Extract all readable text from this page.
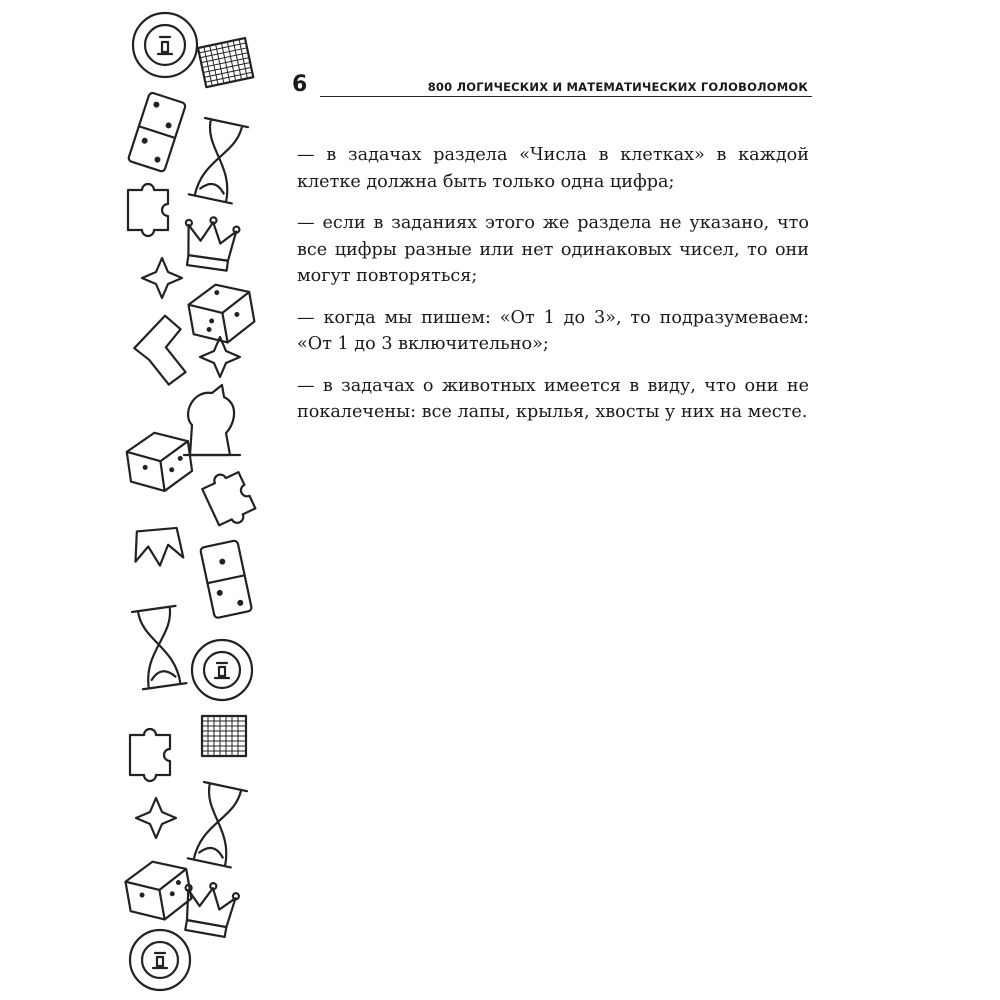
6	800 ЛОГИЧЕСКИХ И МАТЕМАТИЧЕСКИХ ГОЛОВОЛОМОК

— в задачах раздела «Числа в клетках» в каждой клетке должна быть только одна цифра;

— если в заданиях этого же раздела не указано, что все цифры разные или нет одинаковых чисел, то они могут повторяться;

— когда мы пишем: «От 1 до 3», то подразумеваем: «От 1 до 3 включительно»;

— в задачах о животных имеется в виду, что они не покалечены: все лапы, крылья, хвосты у них на месте.
